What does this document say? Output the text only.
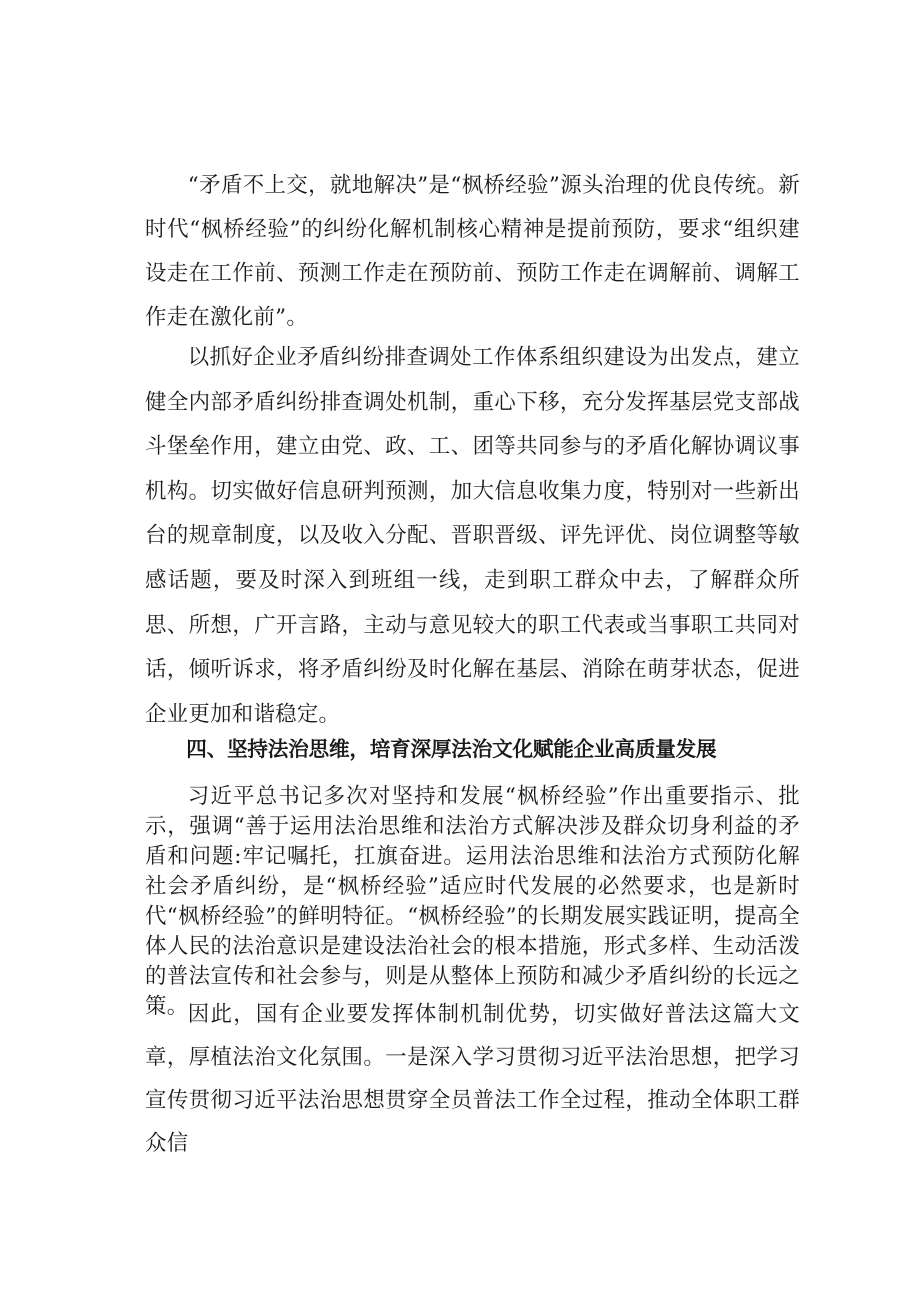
“矛盾不上交，就地解决”是“枫桥经验”源头治理的优良传统。新时代“枫桥经验”的纠纷化解机制核心精神是提前预防，要求“组织建设走在工作前、预测工作走在预防前、预防工作走在调解前、调解工作走在激化前”。

以抓好企业矛盾纠纷排查调处工作体系组织建设为出发点，建立健全内部矛盾纠纷排查调处机制，重心下移，充分发挥基层党支部战斗堡垒作用，建立由党、政、工、团等共同参与的矛盾化解协调议事机构。切实做好信息研判预测，加大信息收集力度，特别对一些新出台的规章制度，以及收入分配、晋职晋级、评先评优、岗位调整等敏感话题，要及时深入到班组一线，走到职工群众中去，了解群众所思、所想，广开言路，主动与意见较大的职工代表或当事职工共同对话，倾听诉求，将矛盾纠纷及时化解在基层、消除在萌芽状态，促进企业更加和谐稳定。

四、坚持法治思维，培育深厚法治文化赋能企业高质量发展

习近平总书记多次对坚持和发展“枫桥经验”作出重要指示、批示，强调“善于运用法治思维和法治方式解决涉及群众切身利益的矛盾和问题:牢记嘱托，扛旗奋进。运用法治思维和法治方式预防化解社会矛盾纠纷，是“枫桥经验”适应时代发展的必然要求，也是新时代“枫桥经验”的鲜明特征。“枫桥经验”的长期发展实践证明，提高全体人民的法治意识是建设法治社会的根本措施，形式多样、生动活泼的普法宣传和社会参与，则是从整体上预防和减少矛盾纠纷的长远之策。 因此，国有企业要发挥体制机制优势，切实做好普法这篇大文章，厚植法治文化氛围。一是深入学习贯彻习近平法治思想，把学习宣传贯彻习近平法治思想贯穿全员普法工作全过程，推动全体职工群众信
